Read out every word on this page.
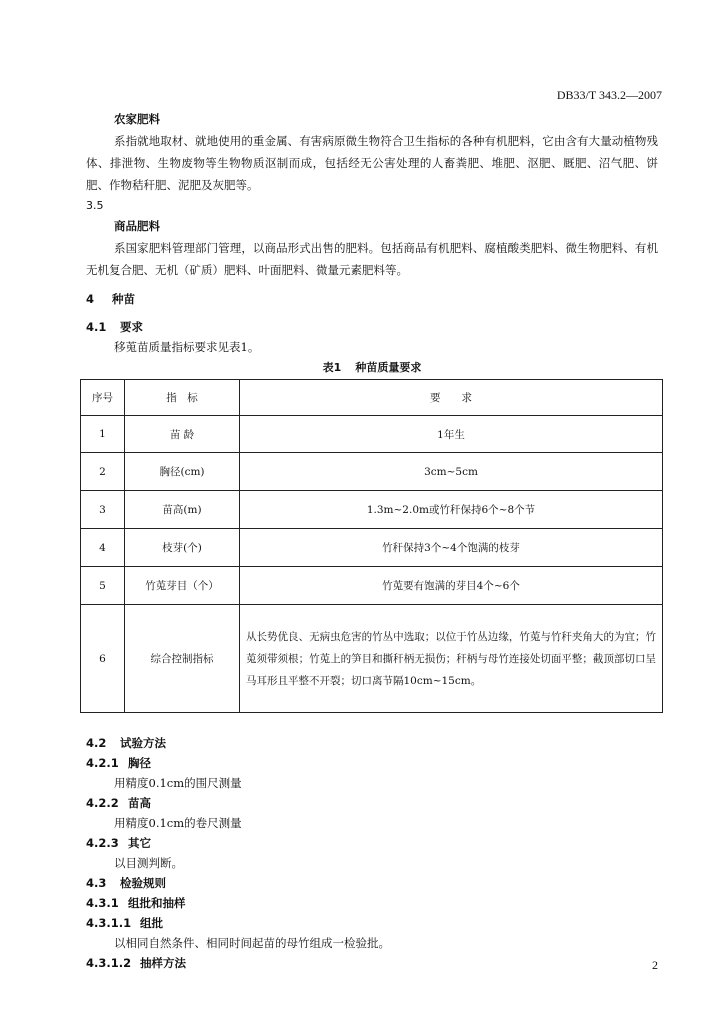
DB33/T 343.2—2007
农家肥料

系指就地取材、就地使用的重金属、有害病原微生物符合卫生指标的各种有机肥料，它由含有大量动植物残体、排泄物、生物废物等生物物质沤制而成，包括经无公害处理的人畜粪肥、堆肥、沤肥、厩肥、沼气肥、饼肥、作物秸秆肥、泥肥及灰肥等。

3.5
商品肥料

系国家肥料管理部门管理，以商品形式出售的肥料。包括商品有机肥料、腐植酸类肥料、微生物肥料、有机无机复合肥、无机（矿质）肥料、叶面肥料、微量元素肥料等。

4 种苗
4.1 要求
移莵苗质量指标要求见表1。
表1 种苗质量要求
序号	指　标	要　　求
1	苗 龄	1年生
2	胸径(cm)	3cm~5cm
3	苗高(m)	1.3m~2.0m或竹秆保持6个~8个节
4	枝芽(个)	竹秆保持3个~4个饱满的枝芽
5	竹莵芽目（个）	竹莵要有饱满的芽目4个~6个
6	综合控制指标	从长势优良、无病虫危害的竹丛中选取；以位于竹丛边缘，竹莵与竹秆夹角大的为宜；竹莵须带须根；竹莵上的笋目和撕秆柄无损伤；秆柄与母竹连接处切面平整；截顶部切口呈马耳形且平整不开裂；切口离节隔10cm~15cm。
4.2 试验方法
4.2.1 胸径
用精度0.1cm的围尺测量
4.2.2 苗高
用精度0.1cm的卷尺测量
4.2.3 其它
以目测判断。
4.3 检验规则
4.3.1 组批和抽样
4.3.1.1 组批
以相同自然条件、相同时间起苗的母竹组成一检验批。
4.3.1.2 抽样方法	2
